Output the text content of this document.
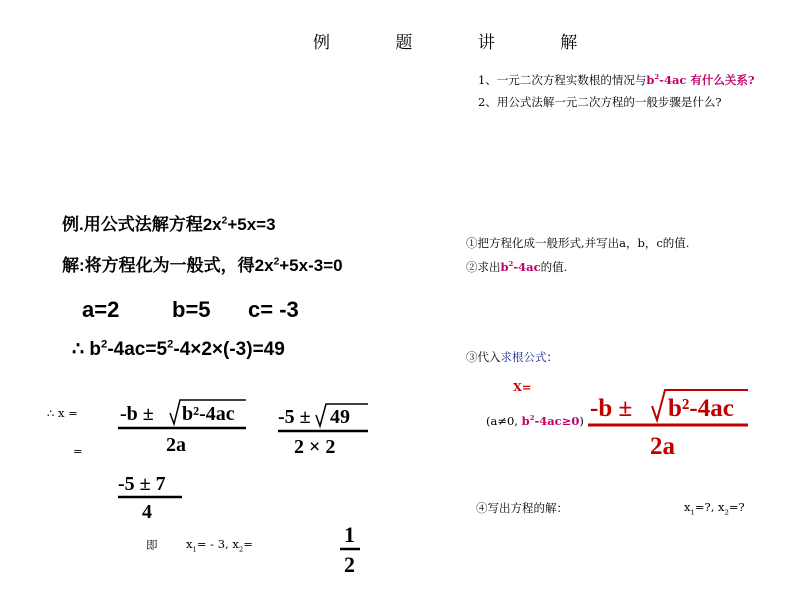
例 题 讲 解
1、一元二次方程实数根的情况与$b^2-4ac$ 有什么关系?
2、用公式法解一元二次方程的一般步骤是什么?
例.用公式法解方程$2x^2+5x=3$
解:将方程化为一般式，得$2x^2+5x-3=0$
a=2 b=5 c= -3
∴ $b^2-4ac=5^2-4\times 2\times(-3)=49$
∴ x =
=
-b ± b²-4ac
2a
-5 ± 49
2 × 2
-5 ± 7
4
即 $x_1= - 3$, $x_2=$	1
2
①把方程化成一般形式,并写出a，b，c的值.
②求出$b^2-4ac$的值.
③代入求根公式：
X=
(a≠0, $b^2-4ac\ge 0$) -b ± b²-4ac
2a
④写出方程的解：	$x_1=$?, $x_2=$?
